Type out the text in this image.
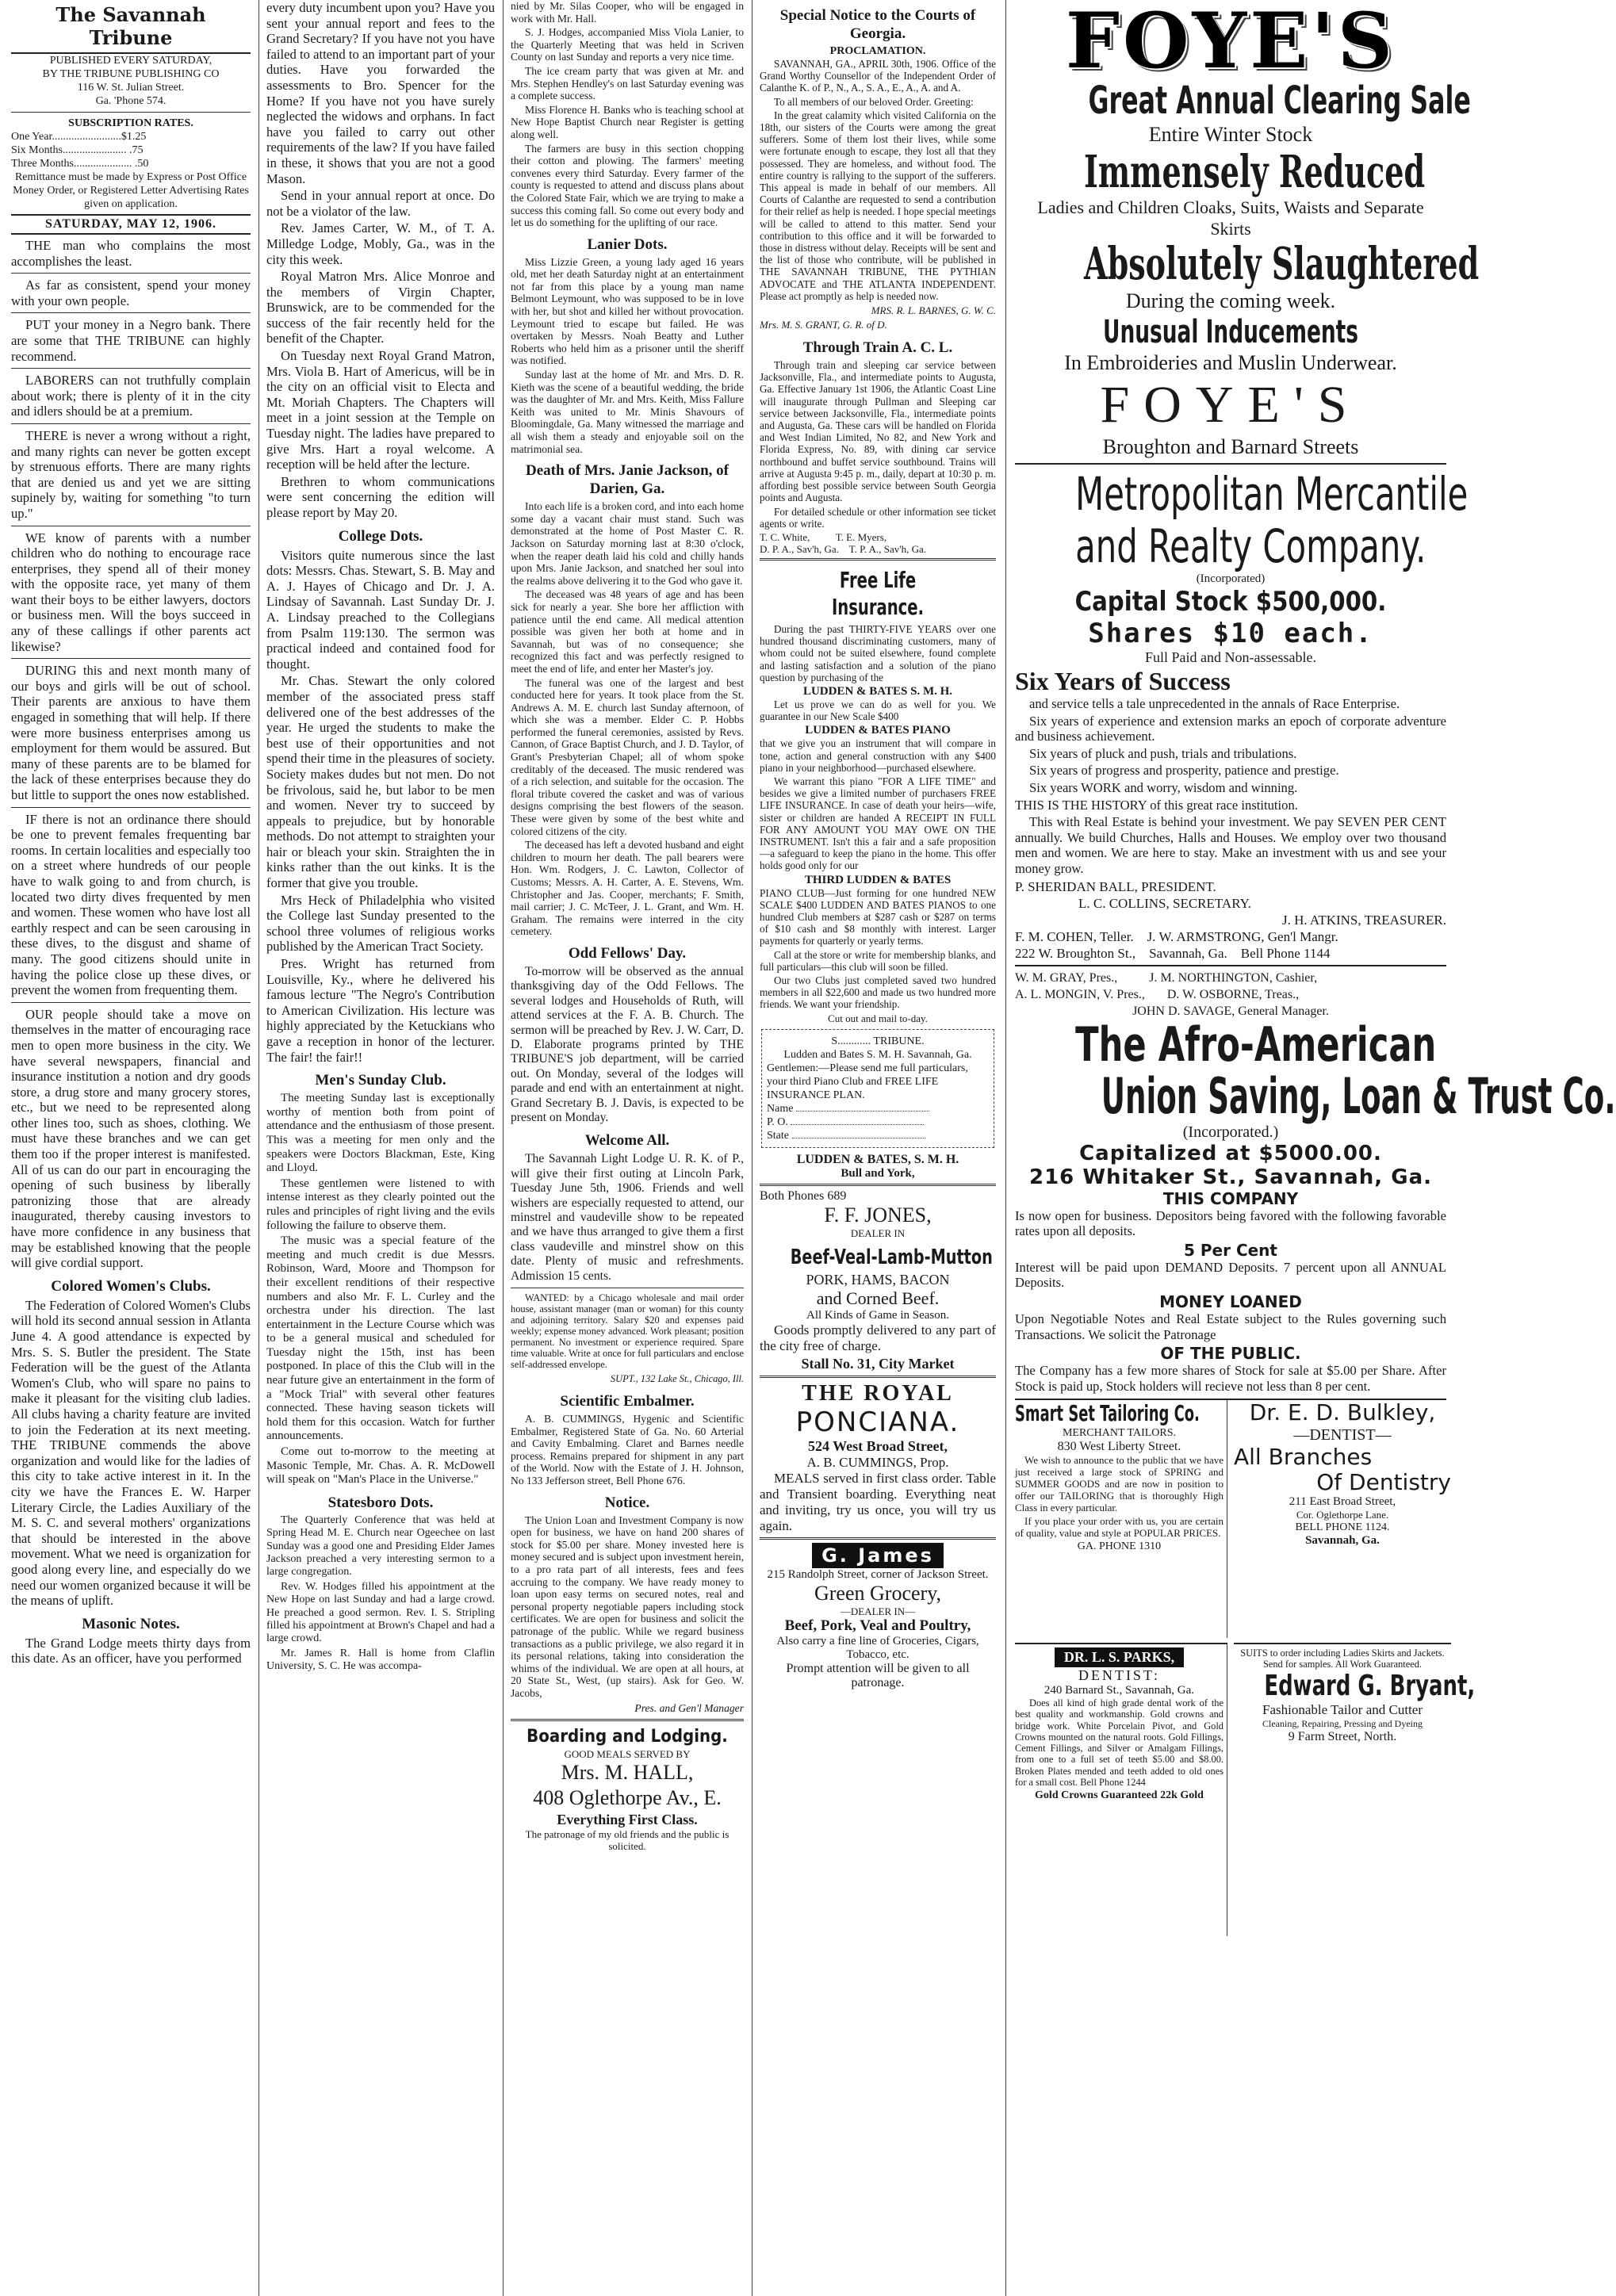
The Savannah Tribune
PUBLISHED EVERY SATURDAY,
BY THE TRIBUNE PUBLISHING CO
116 W. St. Julian Street.
Ga. 'Phone 574.
SUBSCRIPTION RATES.
One Year.........................$1.25
Six Months....................... .75
Three Months..................... .50
Remittance must be made by Express or Post Office Money Order, or Registered Letter Advertising Rates given on application.
SATURDAY, MAY 12, 1906.

THE man who complains the most accomplishes the least.

As far as consistent, spend your money with your own people.

PUT your money in a Negro bank. There are some that THE TRIBUNE can highly recommend.

LABORERS can not truthfully complain about work; there is plenty of it in the city and idlers should be at a premium.

THERE is never a wrong without a right, and many rights can never be gotten except by strenuous efforts. There are many rights that are denied us and yet we are sitting supinely by, waiting for something "to turn up."

WE know of parents with a number children who do nothing to encourage race enterprises, they spend all of their money with the opposite race, yet many of them want their boys to be either lawyers, doctors or business men. Will the boys succeed in any of these callings if other parents act likewise?

DURING this and next month many of our boys and girls will be out of school. Their parents are anxious to have them engaged in something that will help. If there were more business enterprises among us employment for them would be assured. But many of these parents are to be blamed for the lack of these enterprises because they do but little to support the ones now established.

IF there is not an ordinance there should be one to prevent females frequenting bar rooms. In certain localities and especially too on a street where hundreds of our people have to walk going to and from church, is located two dirty dives frequented by men and women. These women who have lost all earthly respect and can be seen carousing in these dives, to the disgust and shame of many. The good citizens should unite in having the police close up these dives, or prevent the women from frequenting them.

OUR people should take a move on themselves in the matter of encouraging race men to open more business in the city. We have several newspapers, financial and insurance institution a notion and dry goods store, a drug store and many grocery stores, etc., but we need to be represented along other lines too, such as shoes, clothing. We must have these branches and we can get them too if the proper interest is manifested. All of us can do our part in encouraging the opening of such business by liberally patronizing those that are already inaugurated, thereby causing investors to have more confidence in any business that may be established knowing that the people will give cordial support.

Colored Women's Clubs.

The Federation of Colored Women's Clubs will hold its second annual session in Atlanta June 4. A good attendance is expected by Mrs. S. S. Butler the president. The State Federation will be the guest of the Atlanta Women's Club, who will spare no pains to make it pleasant for the visiting club ladies. All clubs having a charity feature are invited to join the Federation at its next meeting. THE TRIBUNE commends the above organization and would like for the ladies of this city to take active interest in it. In the city we have the Frances E. W. Harper Literary Circle, the Ladies Auxiliary of the M. S. C. and several mothers' organizations that should be interested in the above movement. What we need is organization for good along every line, and especially do we need our women organized because it will be the means of uplift.

Masonic Notes.

The Grand Lodge meets thirty days from this date. As an officer, have you performed

every duty incumbent upon you? Have you sent your annual report and fees to the Grand Secretary? If you have not you have failed to attend to an important part of your duties. Have you forwarded the assessments to Bro. Spencer for the Home? If you have not you have surely neglected the widows and orphans. In fact have you failed to carry out other requirements of the law? If you have failed in these, it shows that you are not a good Mason.

Send in your annual report at once. Do not be a violator of the law.

Rev. James Carter, W. M., of T. A. Milledge Lodge, Mobly, Ga., was in the city this week.

Royal Matron Mrs. Alice Monroe and the members of Virgin Chapter, Brunswick, are to be commended for the success of the fair recently held for the benefit of the Chapter.

On Tuesday next Royal Grand Matron, Mrs. Viola B. Hart of Americus, will be in the city on an official visit to Electa and Mt. Moriah Chapters. The Chapters will meet in a joint session at the Temple on Tuesday night. The ladies have prepared to give Mrs. Hart a royal welcome. A reception will be held after the lecture.

Brethren to whom communications were sent concerning the edition will please report by May 20.

College Dots.

Visitors quite numerous since the last dots: Messrs. Chas. Stewart, S. B. May and A. J. Hayes of Chicago and Dr. J. A. Lindsay of Savannah. Last Sunday Dr. J. A. Lindsay preached to the Collegians from Psalm 119:130. The sermon was practical indeed and contained food for thought.

Mr. Chas. Stewart the only colored member of the associated press staff delivered one of the best addresses of the year. He urged the students to make the best use of their opportunities and not spend their time in the pleasures of society. Society makes dudes but not men. Do not be frivolous, said he, but labor to be men and women. Never try to succeed by appeals to prejudice, but by honorable methods. Do not attempt to straighten your hair or bleach your skin. Straighten the in kinks rather than the out kinks. It is the former that give you trouble.

Mrs Heck of Philadelphia who visited the College last Sunday presented to the school three volumes of religious works published by the American Tract Society.

Pres. Wright has returned from Louisville, Ky., where he delivered his famous lecture "The Negro's Contribution to American Civilization. His lecture was highly appreciated by the Ketuckians who gave a reception in honor of the lecturer. The fair! the fair!!

Men's Sunday Club.

The meeting Sunday last is exceptionally worthy of mention both from point of attendance and the enthusiasm of those present. This was a meeting for men only and the speakers were Doctors Blackman, Este, King and Lloyd.

These gentlemen were listened to with intense interest as they clearly pointed out the rules and principles of right living and the evils following the failure to observe them.

The music was a special feature of the meeting and much credit is due Messrs. Robinson, Ward, Moore and Thompson for their excellent renditions of their respective numbers and also Mr. F. L. Curley and the orchestra under his direction. The last entertainment in the Lecture Course which was to be a general musical and scheduled for Tuesday night the 15th, inst has been postponed. In place of this the Club will in the near future give an entertainment in the form of a "Mock Trial" with several other features connected. These having season tickets will hold them for this occasion. Watch for further announcements.

Come out to-morrow to the meeting at Masonic Temple, Mr. Chas. A. R. McDowell will speak on "Man's Place in the Universe."

Statesboro Dots.

The Quarterly Conference that was held at Spring Head M. E. Church near Ogeechee on last Sunday was a good one and Presiding Elder James Jackson preached a very interesting sermon to a large congregation.

Rev. W. Hodges filled his appointment at the New Hope on last Sunday and had a large crowd. He preached a good sermon. Rev. I. S. Stripling filled his appointment at Brown's Chapel and had a large crowd.

Mr. James R. Hall is home from Claflin University, S. C. He was accompa-

nied by Mr. Silas Cooper, who will be engaged in work with Mr. Hall.

S. J. Hodges, accompanied Miss Viola Lanier, to the Quarterly Meeting that was held in Scriven County on last Sunday and reports a very nice time.

The ice cream party that was given at Mr. and Mrs. Stephen Hendley's on last Saturday evening was a complete success.

Miss Florence H. Banks who is teaching school at New Hope Baptist Church near Register is getting along well.

The farmers are busy in this section chopping their cotton and plowing. The farmers' meeting convenes every third Saturday. Every farmer of the county is requested to attend and discuss plans about the Colored State Fair, which we are trying to make a success this coming fall. So come out every body and let us do something for the uplifting of our race.

Lanier Dots.

Miss Lizzie Green, a young lady aged 16 years old, met her death Saturday night at an entertainment not far from this place by a young man name Belmont Leymount, who was supposed to be in love with her, but shot and killed her without provocation. Leymount tried to escape but failed. He was overtaken by Messrs. Noah Beatty and Luther Roberts who held him as a prisoner until the sheriff was notified.

Sunday last at the home of Mr. and Mrs. D. R. Kieth was the scene of a beautiful wedding, the bride was the daughter of Mr. and Mrs. Keith, Miss Fallure Keith was united to Mr. Minis Shavours of Bloomingdale, Ga. Many witnessed the marriage and all wish them a steady and enjoyable soil on the matrimonial sea.

Death of Mrs. Janie Jackson, of Darien, Ga.

Into each life is a broken cord, and into each home some day a vacant chair must stand. Such was demonstrated at the home of Post Master C. R. Jackson on Saturday morning last at 8:30 o'clock, when the reaper death laid his cold and chilly hands upon Mrs. Janie Jackson, and snatched her soul into the realms above delivering it to the God who gave it.

The deceased was 48 years of age and has been sick for nearly a year. She bore her affliction with patience until the end came. All medical attention possible was given her both at home and in Savannah, but was of no consequence; she recognized this fact and was perfectly resigned to meet the end of life, and enter her Master's joy.

The funeral was one of the largest and best conducted here for years. It took place from the St. Andrews A. M. E. church last Sunday afternoon, of which she was a member. Elder C. P. Hobbs performed the funeral ceremonies, assisted by Revs. Cannon, of Grace Baptist Church, and J. D. Taylor, of Grant's Presbyterian Chapel; all of whom spoke creditably of the deceased. The music rendered was of a rich selection, and suitable for the occasion. The floral tribute covered the casket and was of various designs comprising the best flowers of the season. These were given by some of the best white and colored citizens of the city.

The deceased has left a devoted husband and eight children to mourn her death. The pall bearers were Hon. Wm. Rodgers, J. C. Lawton, Collector of Customs; Messrs. A. H. Carter, A. E. Stevens, Wm. Christopher and Jas. Cooper, merchants; F. Smith, mail carrier; J. C. McTeer, J. L. Grant, and Wm. H. Graham. The remains were interred in the city cemetery.

Odd Fellows' Day.

To-morrow will be observed as the annual thanksgiving day of the Odd Fellows. The several lodges and Households of Ruth, will attend services at the F. A. B. Church. The sermon will be preached by Rev. J. W. Carr, D. D. Elaborate programs printed by THE TRIBUNE'S job department, will be carried out. On Monday, several of the lodges will parade and end with an entertainment at night. Grand Secretary B. J. Davis, is expected to be present on Monday.

Welcome All.

The Savannah Light Lodge U. R. K. of P., will give their first outing at Lincoln Park, Tuesday June 5th, 1906. Friends and well wishers are especially requested to attend, our minstrel and vaudeville show to be repeated and we have thus arranged to give them a first class vaudeville and minstrel show on this date. Plenty of music and refreshments. Admission 15 cents.

WANTED: by a Chicago wholesale and mail order house, assistant manager (man or woman) for this county and adjoining territory. Salary $20 and expenses paid weekly; expense money advanced. Work pleasant; position permanent. No investment or experience required. Spare time valuable. Write at once for full particulars and enclose self-addressed envelope.

SUPT., 132 Lake St., Chicago, Ill.
Scientific Embalmer.

A. B. CUMMINGS, Hygenic and Scientific Embalmer, Registered State of Ga. No. 60 Arterial and Cavity Embalming. Claret and Barnes needle process. Remains prepared for shipment in any part of the World. Now with the Estate of J. H. Johnson, No 133 Jefferson street, Bell Phone 676.

Notice.

The Union Loan and Investment Company is now open for business, we have on hand 200 shares of stock for $5.00 per share. Money invested here is money secured and is subject upon investment herein, to a pro rata part of all interests, fees and fees accruing to the company. We have ready money to loan upon easy terms on secured notes, real and personal property negotiable papers including stock certificates. We are open for business and solicit the patronage of the public. While we regard business transactions as a public privilege, we also regard it in its personal relations, taking into consideration the whims of the individual. We are open at all hours, at 20 State St., West, (up stairs). Ask for Geo. W. Jacobs,

Pres. and Gen'l Manager
Boarding and Lodging.
GOOD MEALS SERVED BY
Mrs. M. HALL,
408 Oglethorpe Av., E.
Everything First Class.
The patronage of my old friends and the public is solicited.
Special Notice to the Courts of Georgia.
PROCLAMATION.

SAVANNAH, GA., APRIL 30th, 1906. Office of the Grand Worthy Counsellor of the Independent Order of Calanthe K. of P., N., A., S. A., E., A., A. and A.

To all members of our beloved Order. Greeting:

In the great calamity which visited California on the 18th, our sisters of the Courts were among the great sufferers. Some of them lost their lives, while some were fortunate enough to escape, they lost all that they possessed. They are homeless, and without food. The entire country is rallying to the support of the sufferers. This appeal is made in behalf of our members. All Courts of Calanthe are requested to send a contribution for their relief as help is needed. I hope special meetings will be called to attend to this matter. Send your contribution to this office and it will be forwarded to those in distress without delay. Receipts will be sent and the list of those who contribute, will be published in THE SAVANNAH TRIBUNE, THE PYTHIAN ADVOCATE and THE ATLANTA INDEPENDENT. Please act promptly as help is needed now.

MRS. R. L. BARNES, G. W. C.
Mrs. M. S. GRANT, G. R. of D.
Through Train A. C. L.

Through train and sleeping car service between Jacksonville, Fla., and intermediate points to Augusta, Ga. Effective January 1st 1906, the Atlantic Coast Line will inaugurate through Pullman and Sleeping car service between Jacksonville, Fla., intermediate points and Augusta, Ga. These cars will be handled on Florida and West Indian Limited, No 82, and New York and Florida Express, No. 89, with dining car service northbound and buffet service southbound. Trains will arrive at Augusta 9:45 p. m., daily, depart at 10:30 p. m. affording best possible service between South Georgia points and Augusta.

For detailed schedule or other information see ticket agents or write.

T. C. White,          T. E. Myers,
D. P. A., Sav'h, Ga.    T. P. A., Sav'h, Ga.
Free Life Insurance.

During the past THIRTY-FIVE YEARS over one hundred thousand discriminating customers, many of whom could not be suited elsewhere, found complete and lasting satisfaction and a solution of the piano question by purchasing of the

LUDDEN & BATES S. M. H.

Let us prove we can do as well for you. We guarantee in our New Scale $400

LUDDEN & BATES PIANO

that we give you an instrument that will compare in tone, action and general construction with any $400 piano in your neighborhood—purchased elsewhere.

We warrant this piano "FOR A LIFE TIME" and besides we give a limited number of purchasers FREE LIFE INSURANCE. In case of death your heirs—wife, sister or children are handed A RECEIPT IN FULL FOR ANY AMOUNT YOU MAY OWE ON THE INSTRUMENT. Isn't this a fair and a safe proposition—a safeguard to keep the piano in the home. This offer holds good only for our

THIRD LUDDEN & BATES

PIANO CLUB—Just forming for one hundred NEW SCALE $400 LUDDEN AND BATES PIANOS to one hundred Club members at $287 cash or $287 on terms of $10 cash and $8 monthly with interest. Larger payments for quarterly or yearly terms.

Call at the store or write for membership blanks, and full particulars—this club will soon be filled.

Our two Clubs just completed saved two hundred members in all $22,600 and made us two hundred more friends. We want your friendship.

Cut out and mail to-day.
S............ TRIBUNE.
Ludden and Bates S. M. H. Savannah, Ga.
Gentlemen:—Please send me full particulars, your third Piano Club and FREE LIFE INSURANCE PLAN.
Name
P. O.
State
LUDDEN & BATES, S. M. H.
Bull and York,
Both Phones 689
F. F. JONES,
DEALER IN
Beef-Veal-Lamb-Mutton
PORK, HAMS, BACON
and Corned Beef.
All Kinds of Game in Season.

Goods promptly delivered to any part of the city free of charge.

Stall No. 31, City Market
THE ROYAL
PONCIANA.
524 West Broad Street,
A. B. CUMMINGS, Prop.

MEALS served in first class order. Table and Transient boarding. Everything neat and inviting, try us once, you will try us again.

G. James
215 Randolph Street, corner of Jackson Street.
Green Grocery,
—DEALER IN—
Beef, Pork, Veal and Poultry,
Also carry a fine line of Groceries, Cigars, Tobacco, etc.
Prompt attention will be given to all patronage.
FOYE'S
Great Annual Clearing Sale
Entire Winter Stock
Immensely Reduced
Ladies and Children Cloaks, Suits, Waists and Separate Skirts
Absolutely Slaughtered
During the coming week.
Unusual Inducements
In Embroideries and Muslin Underwear.
FOYE'S
Broughton and Barnard Streets
Metropolitan Mercantile
and Realty Company.
(Incorporated)
Capital Stock $500,000.
Shares $10 each.
Full Paid and Non-assessable.
Six Years of Success

and service tells a tale unprecedented in the annals of Race Enterprise.

Six years of experience and extension marks an epoch of corporate adventure and business achievement.

Six years of pluck and push, trials and tribulations.

Six years of progress and prosperity, patience and prestige.

Six years WORK and worry, wisdom and winning.

THIS IS THE HISTORY of this great race institution.

This with Real Estate is behind your investment. We pay SEVEN PER CENT annually. We build Churches, Halls and Houses. We employ over two thousand men and women. We are here to stay. Make an investment with us and see your money grow.

P. SHERIDAN BALL, PRESIDENT.
L. C. COLLINS, SECRETARY.
J. H. ATKINS, TREASURER.
F. M. COHEN, Teller.    J. W. ARMSTRONG, Gen'l Mangr.
222 W. Broughton St.,    Savannah, Ga.    Bell Phone 1144
W. M. GRAY, Pres.,          J. M. NORTHINGTON, Cashier,
A. L. MONGIN, V. Pres.,       D. W. OSBORNE, Treas.,
JOHN D. SAVAGE, General Manager.
The Afro-American
Union Saving, Loan & Trust Co.
(Incorporated.)
Capitalized at $5000.00.
216 Whitaker St., Savannah, Ga.
THIS COMPANY

Is now open for business. Depositors being favored with the following favorable rates upon all deposits.

5 Per Cent

Interest will be paid upon DEMAND Deposits. 7 percent upon all ANNUAL Deposits.

MONEY LOANED

Upon Negotiable Notes and Real Estate subject to the Rules governing such Transactions. We solicit the Patronage

OF THE PUBLIC.

The Company has a few more shares of Stock for sale at $5.00 per Share. After Stock is paid up, Stock holders will recieve not less than 8 per cent.

Smart Set Tailoring Co.
MERCHANT TAILORS.
830 West Liberty Street.

We wish to announce to the public that we have just received a large stock of SPRING and SUMMER GOODS and are now in position to offer our TAILORING that is thoroughly High Class in every particular.

If you place your order with us, you are certain of quality, value and style at POPULAR PRICES.

GA. PHONE 1310
Dr. E. D. Bulkley,
—DENTIST—
All Branches
Of Dentistry
211 East Broad Street,
Cor. Oglethorpe Lane.
BELL PHONE 1124.
Savannah, Ga.
DR. L. S. PARKS,
DENTIST:
240 Barnard St., Savannah, Ga.

Does all kind of high grade dental work of the best quality and workmanship. Gold crowns and bridge work. White Porcelain Pivot, and Gold Crowns mounted on the natural roots. Gold Fillings, Cement Fillings, and Silver or Amalgam Fillings, from one to a full set of teeth $5.00 and $8.00. Broken Plates mended and teeth added to old ones for a small cost. Bell Phone 1244

Gold Crowns Guaranteed 22k Gold
SUITS to order including Ladies Skirts and Jackets. Send for samples. All Work Guaranteed.
Edward G. Bryant,
Fashionable Tailor and Cutter
Cleaning, Repairing, Pressing and Dyeing
9 Farm Street, North.
